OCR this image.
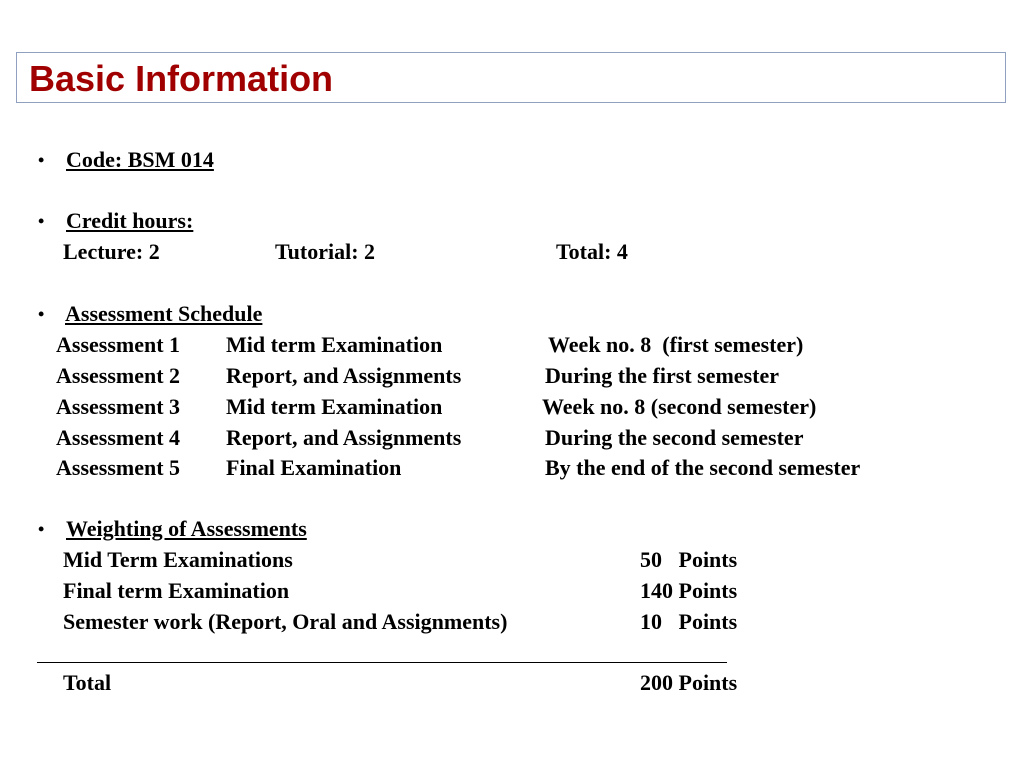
Basic Information
• Code: BSM 014
• Credit hours:
Lecture: 2	Tutorial: 2	Total: 4
• Assessment Schedule
Assessment 1 Mid term Examination	Week no. 8  (first semester)
Assessment 2 Report, and Assignments	During the first semester
Assessment 3 Mid term Examination	Week no. 8 (second semester)
Assessment 4 Report, and Assignments	During the second semester
Assessment 5 Final Examination	By the end of the second semester
• Weighting of Assessments
Mid Term Examinations	50   Points
Final term Examination	140 Points
Semester work (Report, Oral and Assignments)	10   Points
Total	200 Points
